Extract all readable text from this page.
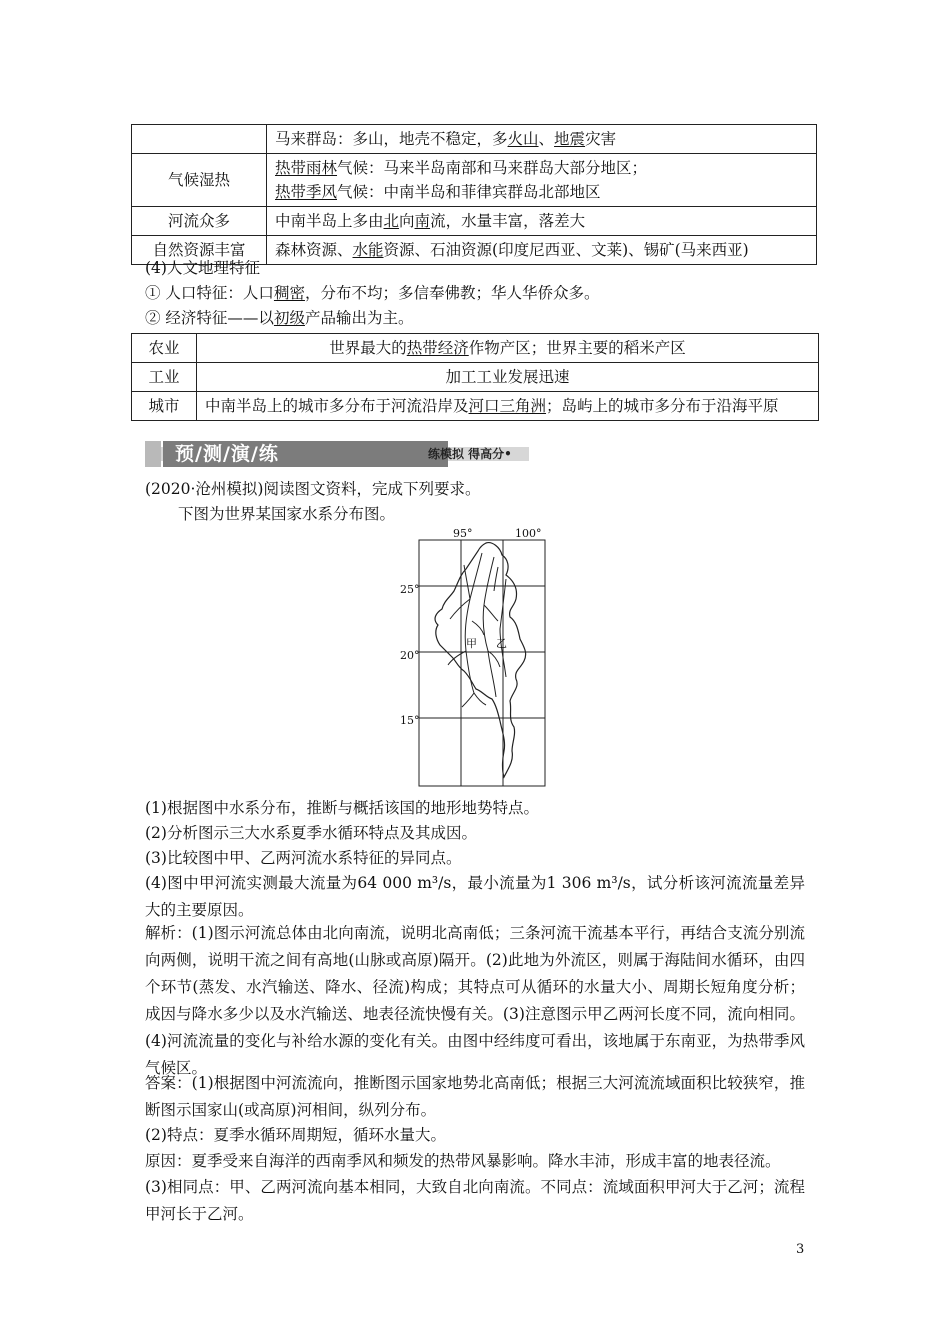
	马来群岛：多山，地壳不稳定，多火山、地震灾害
气候湿热	热带雨林气候：马来半岛南部和马来群岛大部分地区；
热带季风气候：中南半岛和菲律宾群岛北部地区

河流众多	中南半岛上多由北向南流，水量丰富，落差大
自然资源丰富	森林资源、水能资源、石油资源(印度尼西亚、文莱)、锡矿(马来西亚)
(4)人文地理特征
① 人口特征：人口稠密，分布不均；多信奉佛教；华人华侨众多。
② 经济特征——以初级产品输出为主。
农业	世界最大的热带经济作物产区；世界主要的稻米产区
工业	加工工业发展迅速
城市	中南半岛上的城市多分布于河流沿岸及河口三角洲；岛屿上的城市多分布于沿海平原
预/测/演/练	练模拟 得高分•
(2020·沧州模拟)阅读图文资料，完成下列要求。
下图为世界某国家水系分布图。
95°	100°
25°
20°
15°
甲 乙
(1)根据图中水系分布，推断与概括该国的地形地势特点。
(2)分析图示三大水系夏季水循环特点及其成因。
(3)比较图中甲、乙两河流水系特征的异同点。
(4)图中甲河流实测最大流量为64 000 m³/s，最小流量为1 306 m³/s，试分析该河流流量差异大的主要原因。
解析：(1)图示河流总体由北向南流，说明北高南低；三条河流干流基本平行，再结合支流分别流向两侧，说明干流之间有高地(山脉或高原)隔开。(2)此地为外流区，则属于海陆间水循环，由四个环节(蒸发、水汽输送、降水、径流)构成；其特点可从循环的水量大小、周期长短角度分析；成因与降水多少以及水汽输送、地表径流快慢有关。(3)注意图示甲乙两河长度不同，流向相同。(4)河流流量的变化与补给水源的变化有关。由图中经纬度可看出，该地属于东南亚，为热带季风气候区。
答案：(1)根据图中河流流向，推断图示国家地势北高南低；根据三大河流流域面积比较狭窄，推断图示国家山(或高原)河相间，纵列分布。
(2)特点：夏季水循环周期短，循环水量大。
原因：夏季受来自海洋的西南季风和频发的热带风暴影响。降水丰沛，形成丰富的地表径流。
(3)相同点：甲、乙两河流向基本相同，大致自北向南流。不同点：流域面积甲河大于乙河；流程甲河长于乙河。
3
